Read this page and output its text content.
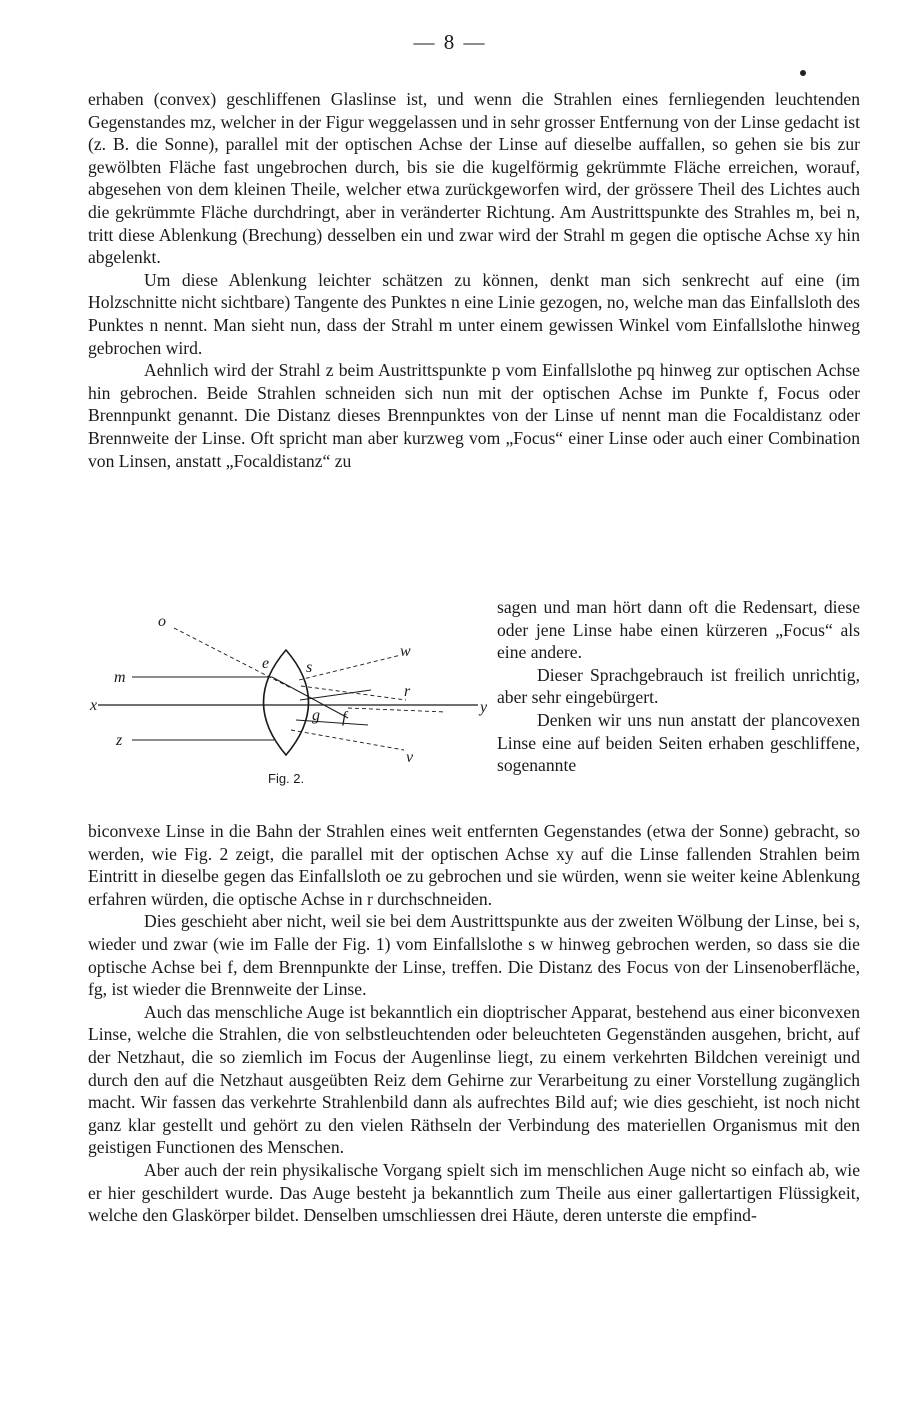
— 8 —

erhaben (convex) geschliffenen Glaslinse ist, und wenn die Strahlen eines fernliegenden leuchtenden Gegenstandes mz, welcher in der Figur weggelassen und in sehr grosser Entfernung von der Linse gedacht ist (z. B. die Sonne), parallel mit der optischen Achse der Linse auf dieselbe auffallen, so gehen sie bis zur gewölbten Fläche fast ungebrochen durch, bis sie die kugelförmig gekrümmte Fläche erreichen, worauf, abgesehen von dem kleinen Theile, welcher etwa zurückgeworfen wird, der grössere Theil des Lichtes auch die gekrümmte Fläche durchdringt, aber in veränderter Richtung. Am Austrittspunkte des Strahles m, bei n, tritt diese Ablenkung (Brechung) desselben ein und zwar wird der Strahl m gegen die optische Achse xy hin abgelenkt.

Um diese Ablenkung leichter schätzen zu können, denkt man sich senkrecht auf eine (im Holzschnitte nicht sichtbare) Tangente des Punktes n eine Linie gezogen, no, welche man das Einfallsloth des Punktes n nennt. Man sieht nun, dass der Strahl m unter einem gewissen Winkel vom Einfallslothe hinweg gebrochen wird.

Aehnlich wird der Strahl z beim Austrittspunkte p vom Einfallslothe pq hinweg zur optischen Achse hin gebrochen. Beide Strahlen schneiden sich nun mit der optischen Achse im Punkte f, Focus oder Brennpunkt genannt. Die Distanz dieses Brennpunktes von der Linse uf nennt man die Focaldistanz oder Brennweite der Linse. Oft spricht man aber kurzweg vom „Focus“ einer Linse oder auch einer Combination von Linsen, anstatt „Focaldistanz“ zu

o
m
x
z
e s
w
r
y
g f
v
Fig. 2.

sagen und man hört dann oft die Redensart, diese oder jene Linse habe einen kürzeren „Focus“ als eine andere.

Dieser Sprachgebrauch ist freilich unrichtig, aber sehr eingebürgert.

Denken wir uns nun anstatt der plancovexen Linse eine auf beiden Seiten erhaben geschliffene, sogenannte

biconvexe Linse in die Bahn der Strahlen eines weit entfernten Gegenstandes (etwa der Sonne) gebracht, so werden, wie Fig. 2 zeigt, die parallel mit der optischen Achse xy auf die Linse fallenden Strahlen beim Eintritt in dieselbe gegen das Einfallsloth oe zu gebrochen und sie würden, wenn sie weiter keine Ablenkung erfahren würden, die optische Achse in r durchschneiden.

Dies geschieht aber nicht, weil sie bei dem Austrittspunkte aus der zweiten Wölbung der Linse, bei s, wieder und zwar (wie im Falle der Fig. 1) vom Einfallslothe s w hinweg gebrochen werden, so dass sie die optische Achse bei f, dem Brennpunkte der Linse, treffen. Die Distanz des Focus von der Linsenoberfläche, fg, ist wieder die Brennweite der Linse.

Auch das menschliche Auge ist bekanntlich ein dioptrischer Apparat, bestehend aus einer biconvexen Linse, welche die Strahlen, die von selbstleuchtenden oder beleuchteten Gegenständen ausgehen, bricht, auf der Netzhaut, die so ziemlich im Focus der Augenlinse liegt, zu einem verkehrten Bildchen vereinigt und durch den auf die Netzhaut ausgeübten Reiz dem Gehirne zur Verarbeitung zu einer Vorstellung zugänglich macht. Wir fassen das verkehrte Strahlenbild dann als aufrechtes Bild auf; wie dies geschieht, ist noch nicht ganz klar gestellt und gehört zu den vielen Räthseln der Verbindung des materiellen Organismus mit den geistigen Functionen des Menschen.

Aber auch der rein physikalische Vorgang spielt sich im menschlichen Auge nicht so einfach ab, wie er hier geschildert wurde. Das Auge besteht ja bekanntlich zum Theile aus einer gallertartigen Flüssigkeit, welche den Glaskörper bildet. Denselben umschliessen drei Häute, deren unterste die empfind-
